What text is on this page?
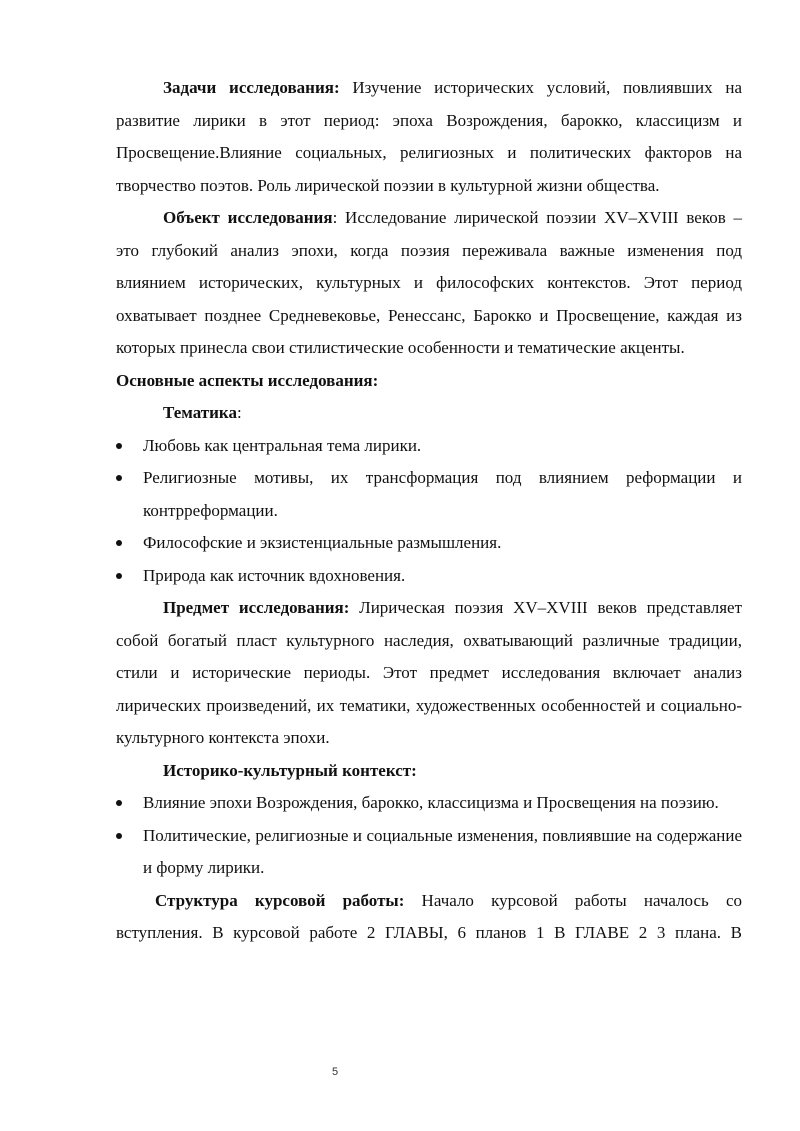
Задачи исследования: Изучение исторических условий, повлиявших на развитие лирики в этот период: эпоха Возрождения, барокко, классицизм и Просвещение.Влияние социальных, религиозных и политических факторов на творчество поэтов. Роль лирической поэзии в культурной жизни общества.

Объект исследования: Исследование лирической поэзии XV–XVIII веков – это глубокий анализ эпохи, когда поэзия переживала важные изменения под влиянием исторических, культурных и философских контекстов. Этот период охватывает позднее Средневековье, Ренессанс, Барокко и Просвещение, каждая из которых принесла свои стилистические особенности и тематические акценты.

Основные аспекты исследования:

Тематика:

Любовь как центральная тема лирики.
Религиозные мотивы, их трансформация под влиянием реформации и контрреформации.
Философские и экзистенциальные размышления.
Природа как источник вдохновения.

Предмет исследования: Лирическая поэзия XV–XVIII веков представляет собой богатый пласт культурного наследия, охватывающий различные традиции, стили и исторические периоды. Этот предмет исследования включает анализ лирических произведений, их тематики, художественных особенностей и социально-культурного контекста эпохи.

Историко-культурный контекст:

Влияние эпохи Возрождения, барокко, классицизма и Просвещения на поэзию.
Политические, религиозные и социальные изменения, повлиявшие на содержание и форму лирики.

Структура курсовой работы: Начало курсовой работы началось со вступления. В курсовой работе 2 ГЛАВЫ, 6 планов 1 В ГЛАВЕ 2 3 плана. В

5
